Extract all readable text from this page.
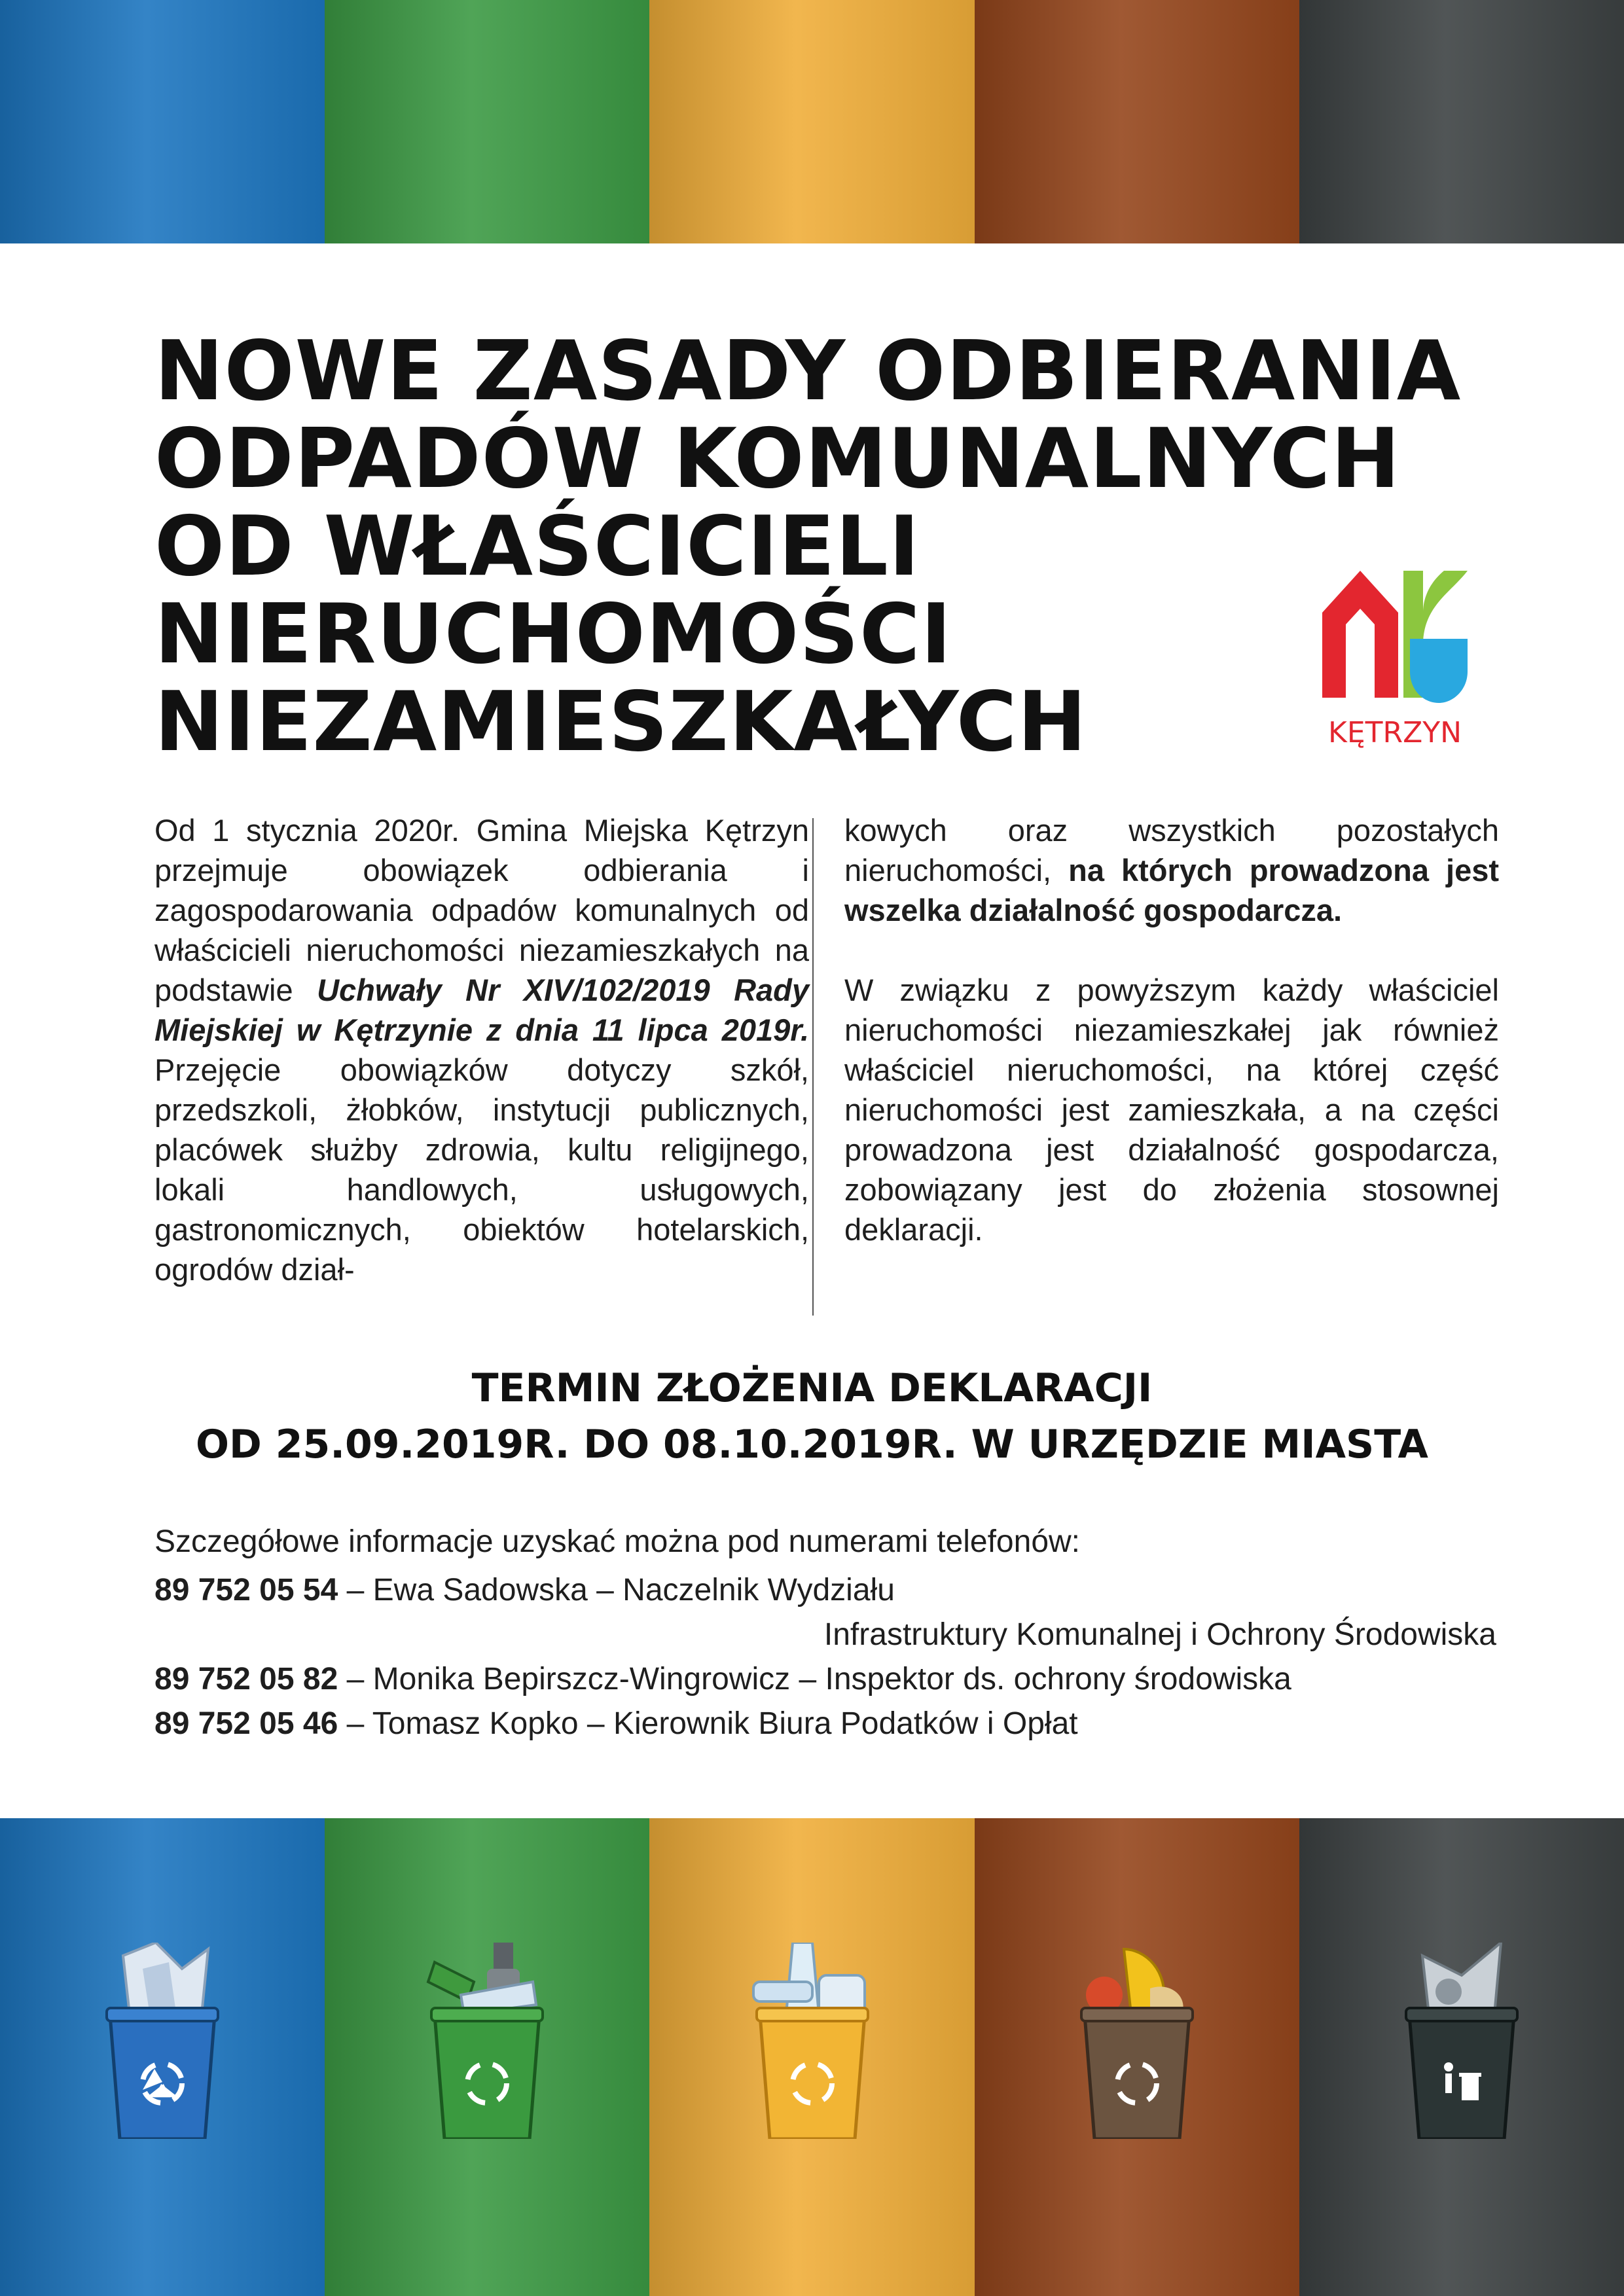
NOWE ZASADY ODBIERANIA
ODPADÓW KOMUNALNYCH
OD WŁAŚCICIELI
NIERUCHOMOŚCI
NIEZAMIESZKAŁYCH	KĘTRZYN

Od 1 stycznia 2020r. Gmina Miejska Kętrzyn przejmuje obowiązek odbierania i zagospodarowania odpadów komunalnych od właścicieli nieruchomości niezamieszkałych na podstawie Uchwały Nr XIV/102/2019 Rady Miejskiej w Kętrzynie z dnia 11 lipca 2019r. Przejęcie obowiązków dotyczy szkół, przedszkoli, żłobków, instytucji publicznych, placówek służby zdrowia, kultu religijnego, lokali handlowych, usługowych, gastronomicznych, obiektów hotelarskich, ogrodów dział-

kowych oraz wszystkich pozostałych nieruchomości, na których prowadzona jest wszelka działalność gospodarcza.

W związku z powyższym każdy właściciel nieruchomości niezamieszkałej jak również właściciel nieruchomości, na której część nieruchomości jest zamieszkała, a na części prowadzona jest działalność gospodarcza, zobowiązany jest do złożenia stosownej deklaracji.

TERMIN ZŁOŻENIA DEKLARACJI
OD 25.09.2019R. DO 08.10.2019R. W URZĘDZIE MIASTA
Szczegółowe informacje uzyskać można pod numerami telefonów:
89 752 05 54 – Ewa Sadowska – Naczelnik Wydziału
Infrastruktury Komunalnej i Ochrony Środowiska
89 752 05 82 – Monika Bepirszcz-Wingrowicz – Inspektor ds. ochrony środowiska
89 752 05 46 – Tomasz Kopko – Kierownik Biura Podatków i Opłat
